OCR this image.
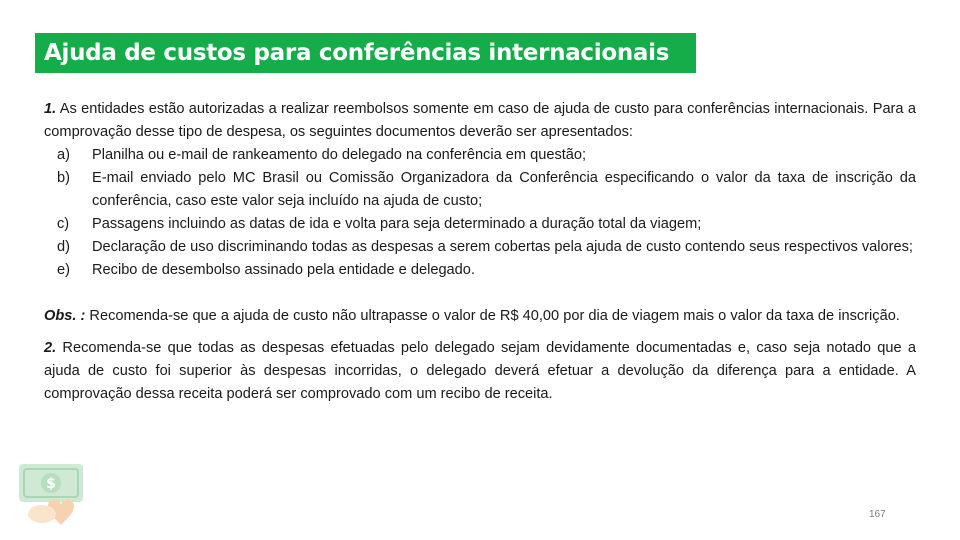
Ajuda de custos para conferências internacionais

1. As entidades estão autorizadas a realizar reembolsos somente em caso de ajuda de custo para conferências internacionais. Para a comprovação desse tipo de despesa, os seguintes documentos deverão ser apresentados:

a) Planilha ou e-mail de rankeamento do delegado na conferência em questão;
b) E-mail enviado pelo MC Brasil ou Comissão Organizadora da Conferência especificando o valor da taxa de inscrição da conferência, caso este valor seja incluído na ajuda de custo;
c) Passagens incluindo as datas de ida e volta para seja determinado a duração total da viagem;
d) Declaração de uso discriminando todas as despesas a serem cobertas pela ajuda de custo contendo seus respectivos valores;
e) Recibo de desembolso assinado pela entidade e delegado.

Obs. : Recomenda-se que a ajuda de custo não ultrapasse o valor de R$ 40,00 por dia de viagem mais o valor da taxa de inscrição.

2. Recomenda-se que todas as despesas efetuadas pelo delegado sejam devidamente documentadas e, caso seja notado que a ajuda de custo foi superior às despesas incorridas, o delegado deverá efetuar a devolução da diferença para a entidade. A comprovação dessa receita poderá ser comprovado com um recibo de receita.

$
167
